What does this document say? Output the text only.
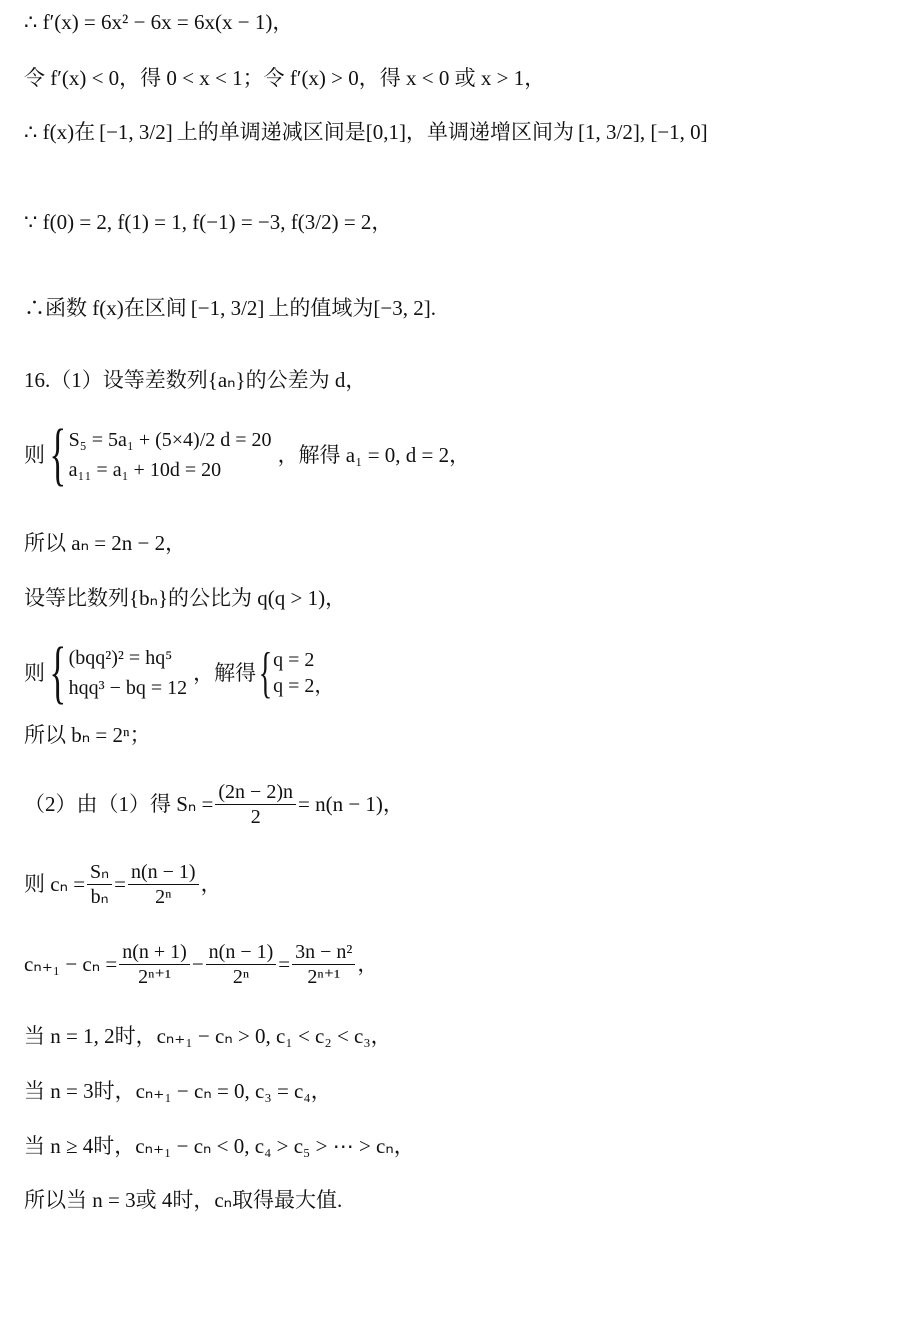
∴ f′(x) = 6x² − 6x = 6x(x − 1)，
令 f′(x) < 0，得 0 < x < 1；令 f′(x) > 0，得 x < 0 或 x > 1，
∴ f(x)在 [−1, 3/2] 上的单调递减区间是[0,1]，单调递增区间为 [1, 3/2], [−1, 0]
∵ f(0) = 2, f(1) = 1, f(−1) = −3, f(3/2) = 2，
∴函数 f(x)在区间 [−1, 3/2] 上的值域为[−3, 2].
16.（1）设等差数列{aₙ}的公差为 d，
则 { S₅ = 5a₁ + (5×4)/2 d = 20
a₁₁ = a₁ + 10d = 20
，解得 a₁ = 0, d = 2，
所以 aₙ = 2n − 2，
设等比数列{bₙ}的公比为 q(q > 1)，
则 { (bqq²)² = hq⁵
hqq³ − bq = 12
，解得 { q = 2
q = 2，
所以 bₙ = 2ⁿ；
（2）由（1）得 $S_n = \frac{(2n - 2)n}{2} = n(n - 1)$，
则 $c_n = \frac{\text{Sₙ}}{\text{bₙ}} = \frac{n(n - 1)}{\text{2ⁿ}}$ ，
$c_{n+1} - c_n = \frac{n(n + 1)}{\text{2ⁿ⁺¹}} - \frac{n(n - 1)}{\text{2ⁿ}} = \frac{\text{3n − n²}}{\text{2ⁿ⁺¹}}$ ，
当 n = 1, 2时，cₙ₊₁ − cₙ > 0, c₁ < c₂ < c₃，
当 n = 3时，cₙ₊₁ − cₙ = 0, c₃ = c₄，
当 n ≥ 4时，cₙ₊₁ − cₙ < 0, c₄ > c₅ > ⋯ > cₙ，
所以当 n = 3或 4时，cₙ取得最大值.
